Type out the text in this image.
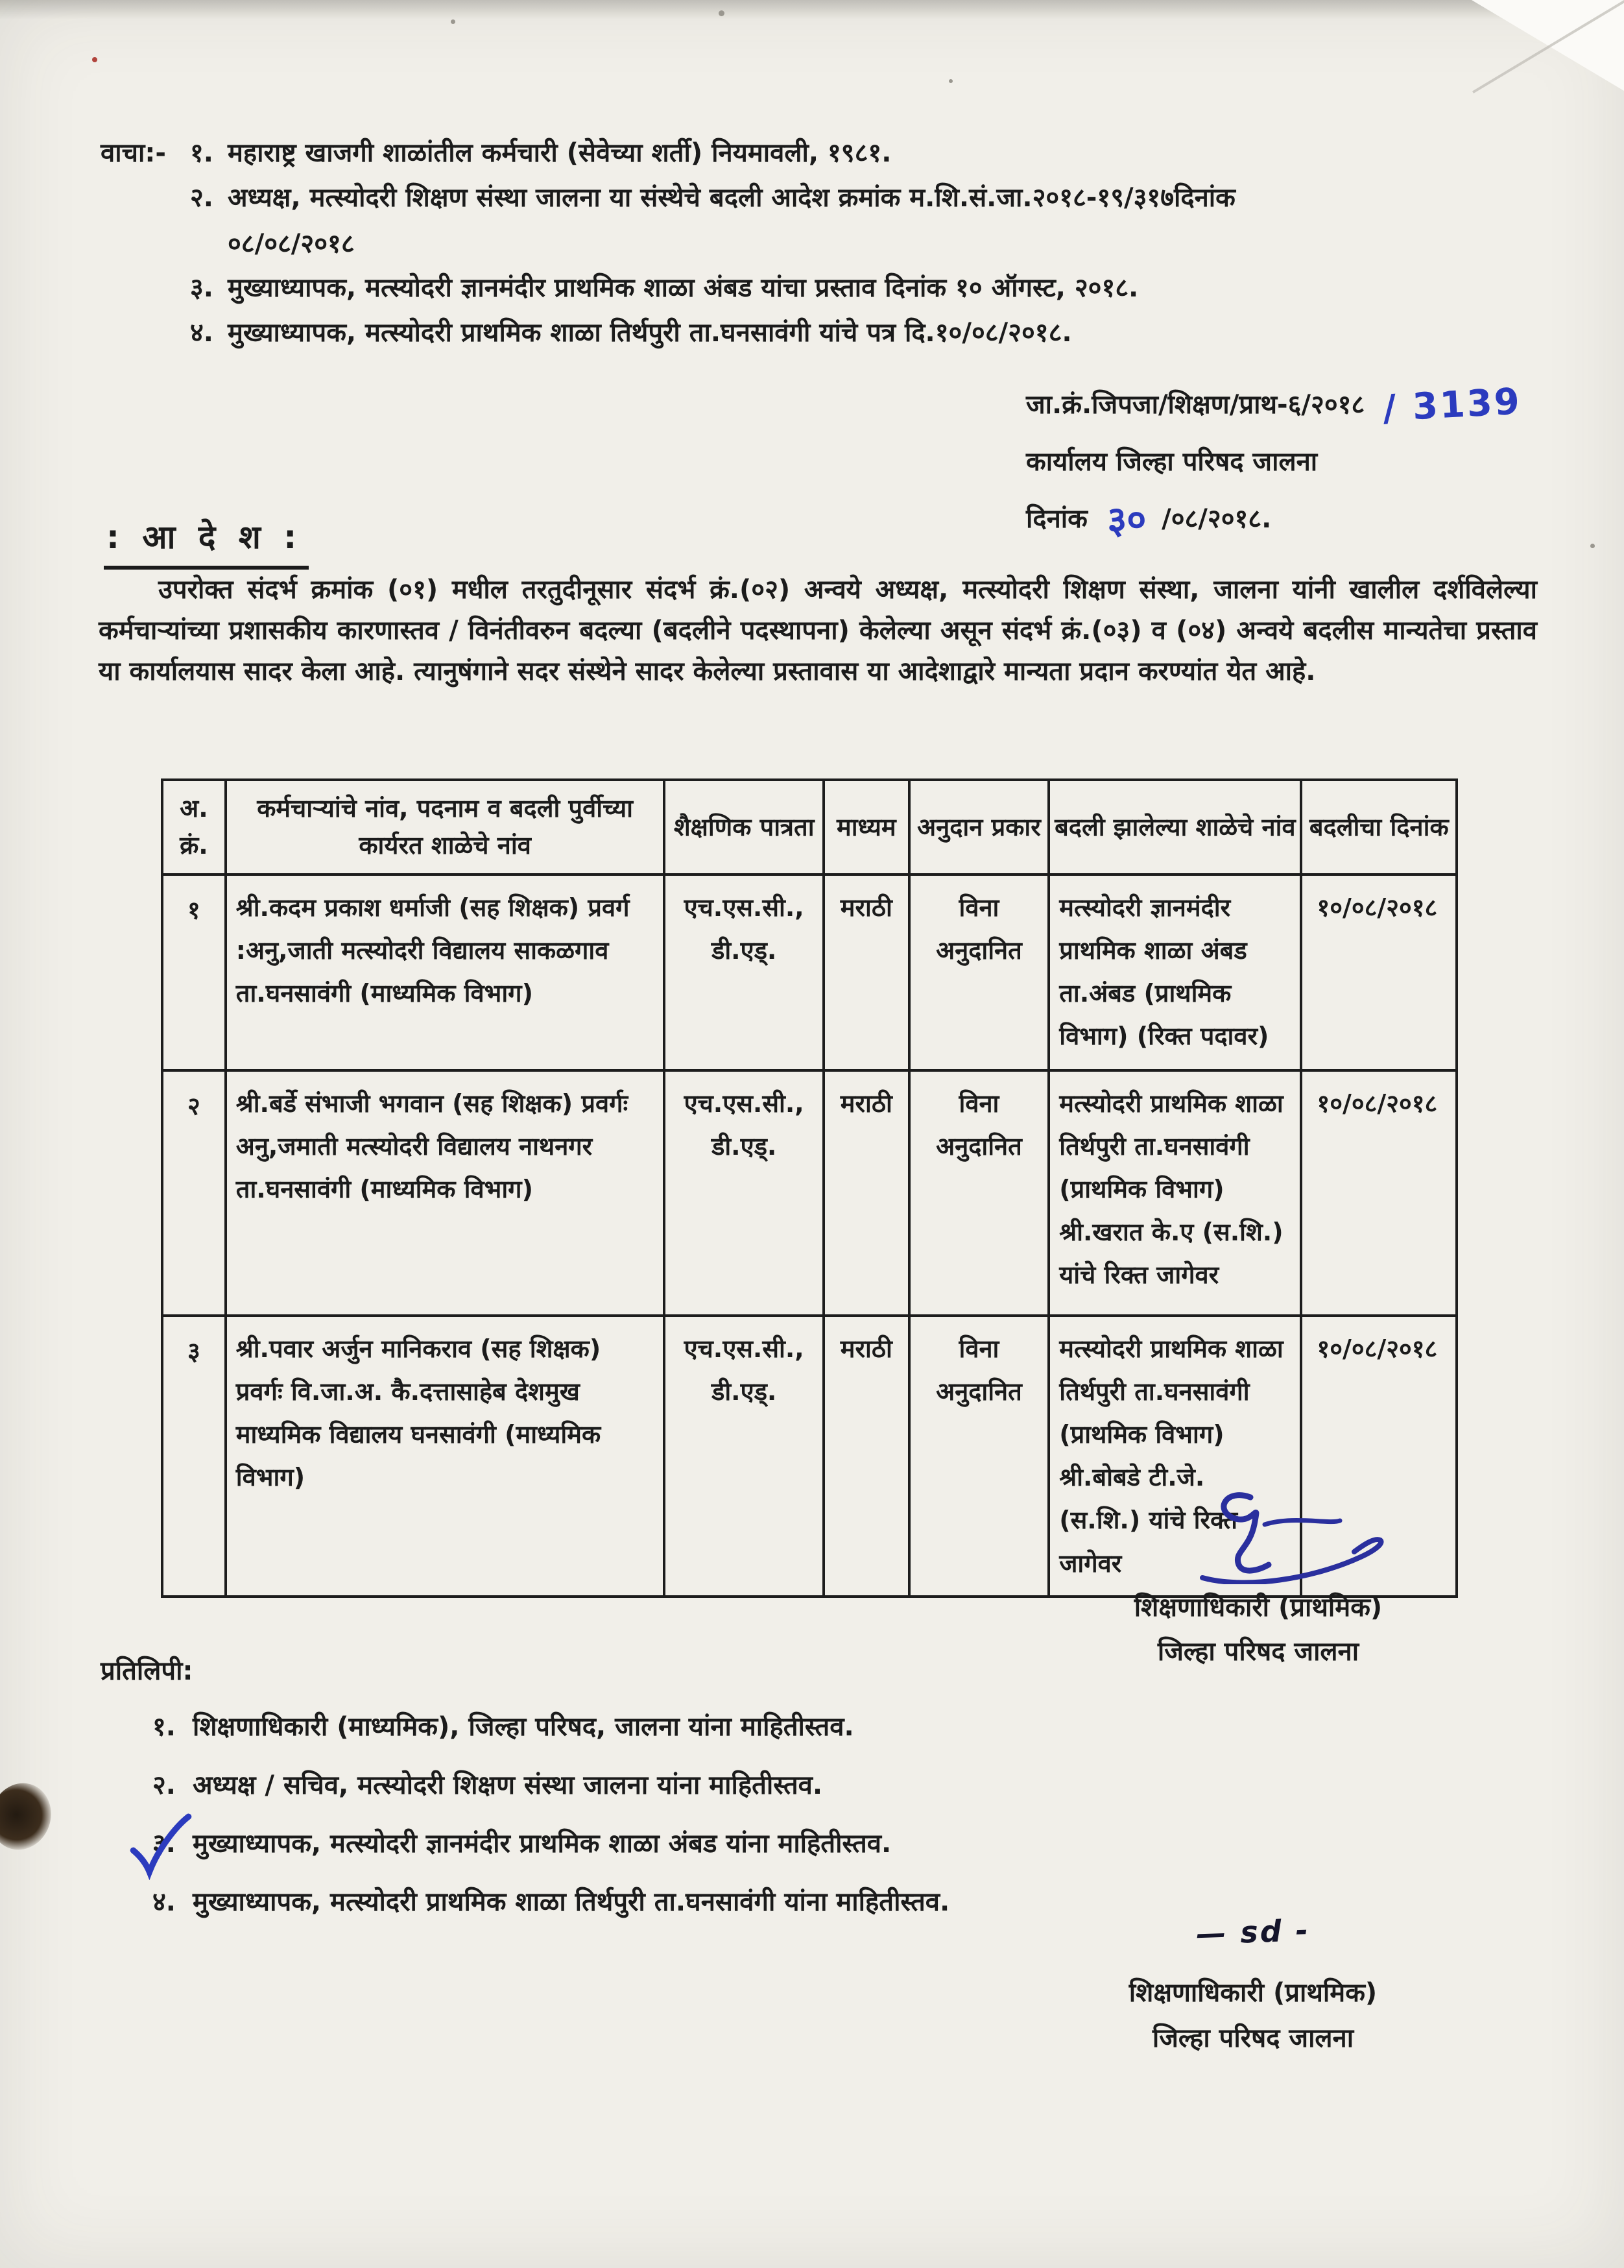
वाचा:- १. महाराष्ट्र खाजगी शाळांतील कर्मचारी (सेवेच्या शर्ती) नियमावली, १९८१.
२. अध्यक्ष, मत्स्योदरी शिक्षण संस्था जालना या संस्थेचे बदली आदेश क्रमांक म.शि.सं.जा.२०१८-१९/३१७दिनांक
०८/०८/२०१८
३. मुख्याध्यापक, मत्स्योदरी ज्ञानमंदीर प्राथमिक शाळा अंबड यांचा प्रस्ताव दिनांक १० ऑगस्ट, २०१८.
४. मुख्याध्यापक, मत्स्योदरी प्राथमिक शाळा तिर्थपुरी ता.घनसावंगी यांचे पत्र दि.१०/०८/२०१८.
जा.क्रं.जिपजा/शिक्षण/प्राथ-६/२०१८ / 3139
कार्यालय जिल्हा परिषद जालना
दिनांक ३० /०८/२०१८.
: आ दे श :
उपरोक्त संदर्भ क्रमांक (०१) मधील तरतुदीनूसार संदर्भ क्रं.(०२) अन्वये अध्यक्ष, मत्स्योदरी शिक्षण संस्था, जालना यांनी खालील दर्शविलेल्या कर्मचाऱ्यांच्या प्रशासकीय कारणास्तव / विनंतीवरुन बदल्या (बदलीने पदस्थापना) केलेल्या असून संदर्भ क्रं.(०३) व (०४) अन्वये बदलीस मान्यतेचा प्रस्ताव या कार्यालयास सादर केला आहे. त्यानुषंगाने सदर संस्थेने सादर केलेल्या प्रस्तावास या आदेशाद्वारे मान्यता प्रदान करण्यांत येत आहे.
अ. क्रं.	कर्मचाऱ्यांचे नांव, पदनाम व बदली पुर्वीच्या कार्यरत शाळेचे नांव	शैक्षणिक पात्रता	माध्यम	अनुदान प्रकार	बदली झालेल्या शाळेचे नांव	बदलीचा दिनांक
१	श्री.कदम प्रकाश धर्माजी (सह शिक्षक) प्रवर्ग :अनु,जाती मत्स्योदरी विद्यालय साकळगाव ता.घनसावंगी (माध्यमिक विभाग)	एच.एस.सी., डी.एड्.	मराठी	विना अनुदानित	मत्स्योदरी ज्ञानमंदीर प्राथमिक शाळा अंबड ता.अंबड (प्राथमिक विभाग) (रिक्त पदावर)	१०/०८/२०१८
२	श्री.बर्डे संभाजी भगवान (सह शिक्षक) प्रवर्गः अनु,जमाती मत्स्योदरी विद्यालय नाथनगर ता.घनसावंगी (माध्यमिक विभाग)	एच.एस.सी., डी.एड्.	मराठी	विना अनुदानित	मत्स्योदरी प्राथमिक शाळा तिर्थपुरी ता.घनसावंगी (प्राथमिक विभाग) श्री.खरात के.ए (स.शि.) यांचे रिक्त जागेवर	१०/०८/२०१८
३	श्री.पवार अर्जुन मानिकराव (सह शिक्षक) प्रवर्गः वि.जा.अ. कै.दत्तासाहेब देशमुख माध्यमिक विद्यालय घनसावंगी (माध्यमिक विभाग)	एच.एस.सी., डी.एड्.	मराठी	विना अनुदानित	मत्स्योदरी प्राथमिक शाळा तिर्थपुरी ता.घनसावंगी (प्राथमिक विभाग) श्री.बोबडे टी.जे. (स.शि.) यांचे रिक्त जागेवर	१०/०८/२०१८
शिक्षणाधिकारी (प्राथमिक)
जिल्हा परिषद जालना
प्रतिलिपी:
१. शिक्षणाधिकारी (माध्यमिक), जिल्हा परिषद, जालना यांना माहितीस्तव.
२. अध्यक्ष / सचिव, मत्स्योदरी शिक्षण संस्था जालना यांना माहितीस्तव.
३. मुख्याध्यापक, मत्स्योदरी ज्ञानमंदीर प्राथमिक शाळा अंबड यांना माहितीस्तव.
४. मुख्याध्यापक, मत्स्योदरी प्राथमिक शाळा तिर्थपुरी ता.घनसावंगी यांना माहितीस्तव.
— sd -
शिक्षणाधिकारी (प्राथमिक)
जिल्हा परिषद जालना
